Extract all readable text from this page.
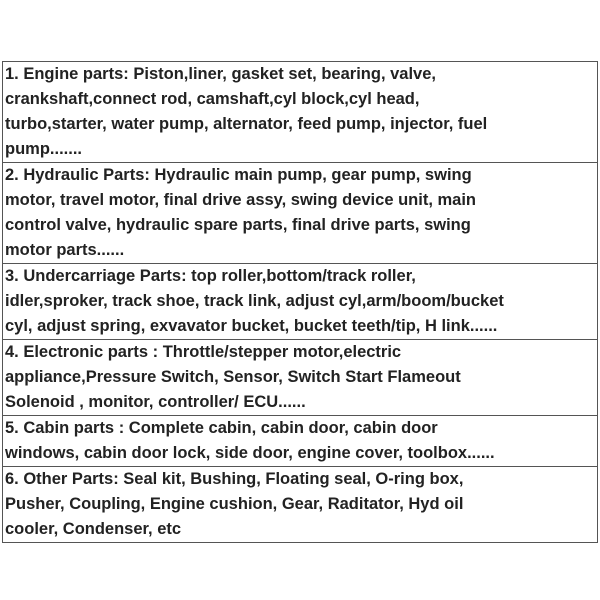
1. Engine parts: Piston,liner, gasket set, bearing, valve,
crankshaft,connect rod, camshaft,cyl block,cyl head,
turbo,starter, water pump, alternator, feed pump, injector, fuel
pump.......
2. Hydraulic Parts: Hydraulic main pump, gear pump, swing
motor, travel motor, final drive assy, swing device unit, main
control valve, hydraulic spare parts, final drive parts, swing
motor parts......
3. Undercarriage Parts: top roller,bottom/track roller,
idler,sproker, track shoe, track link, adjust cyl,arm/boom/bucket
cyl, adjust spring, exvavator bucket, bucket teeth/tip, H link......
4. Electronic parts : Throttle/stepper motor,electric
appliance,Pressure Switch, Sensor, Switch Start Flameout
Solenoid , monitor, controller/ ECU......
5. Cabin parts : Complete cabin, cabin door, cabin door
windows, cabin door lock, side door, engine cover, toolbox......
6. Other Parts: Seal kit, Bushing, Floating seal, O-ring box,
Pusher, Coupling, Engine cushion, Gear, Raditator, Hyd oil
cooler, Condenser, etc
